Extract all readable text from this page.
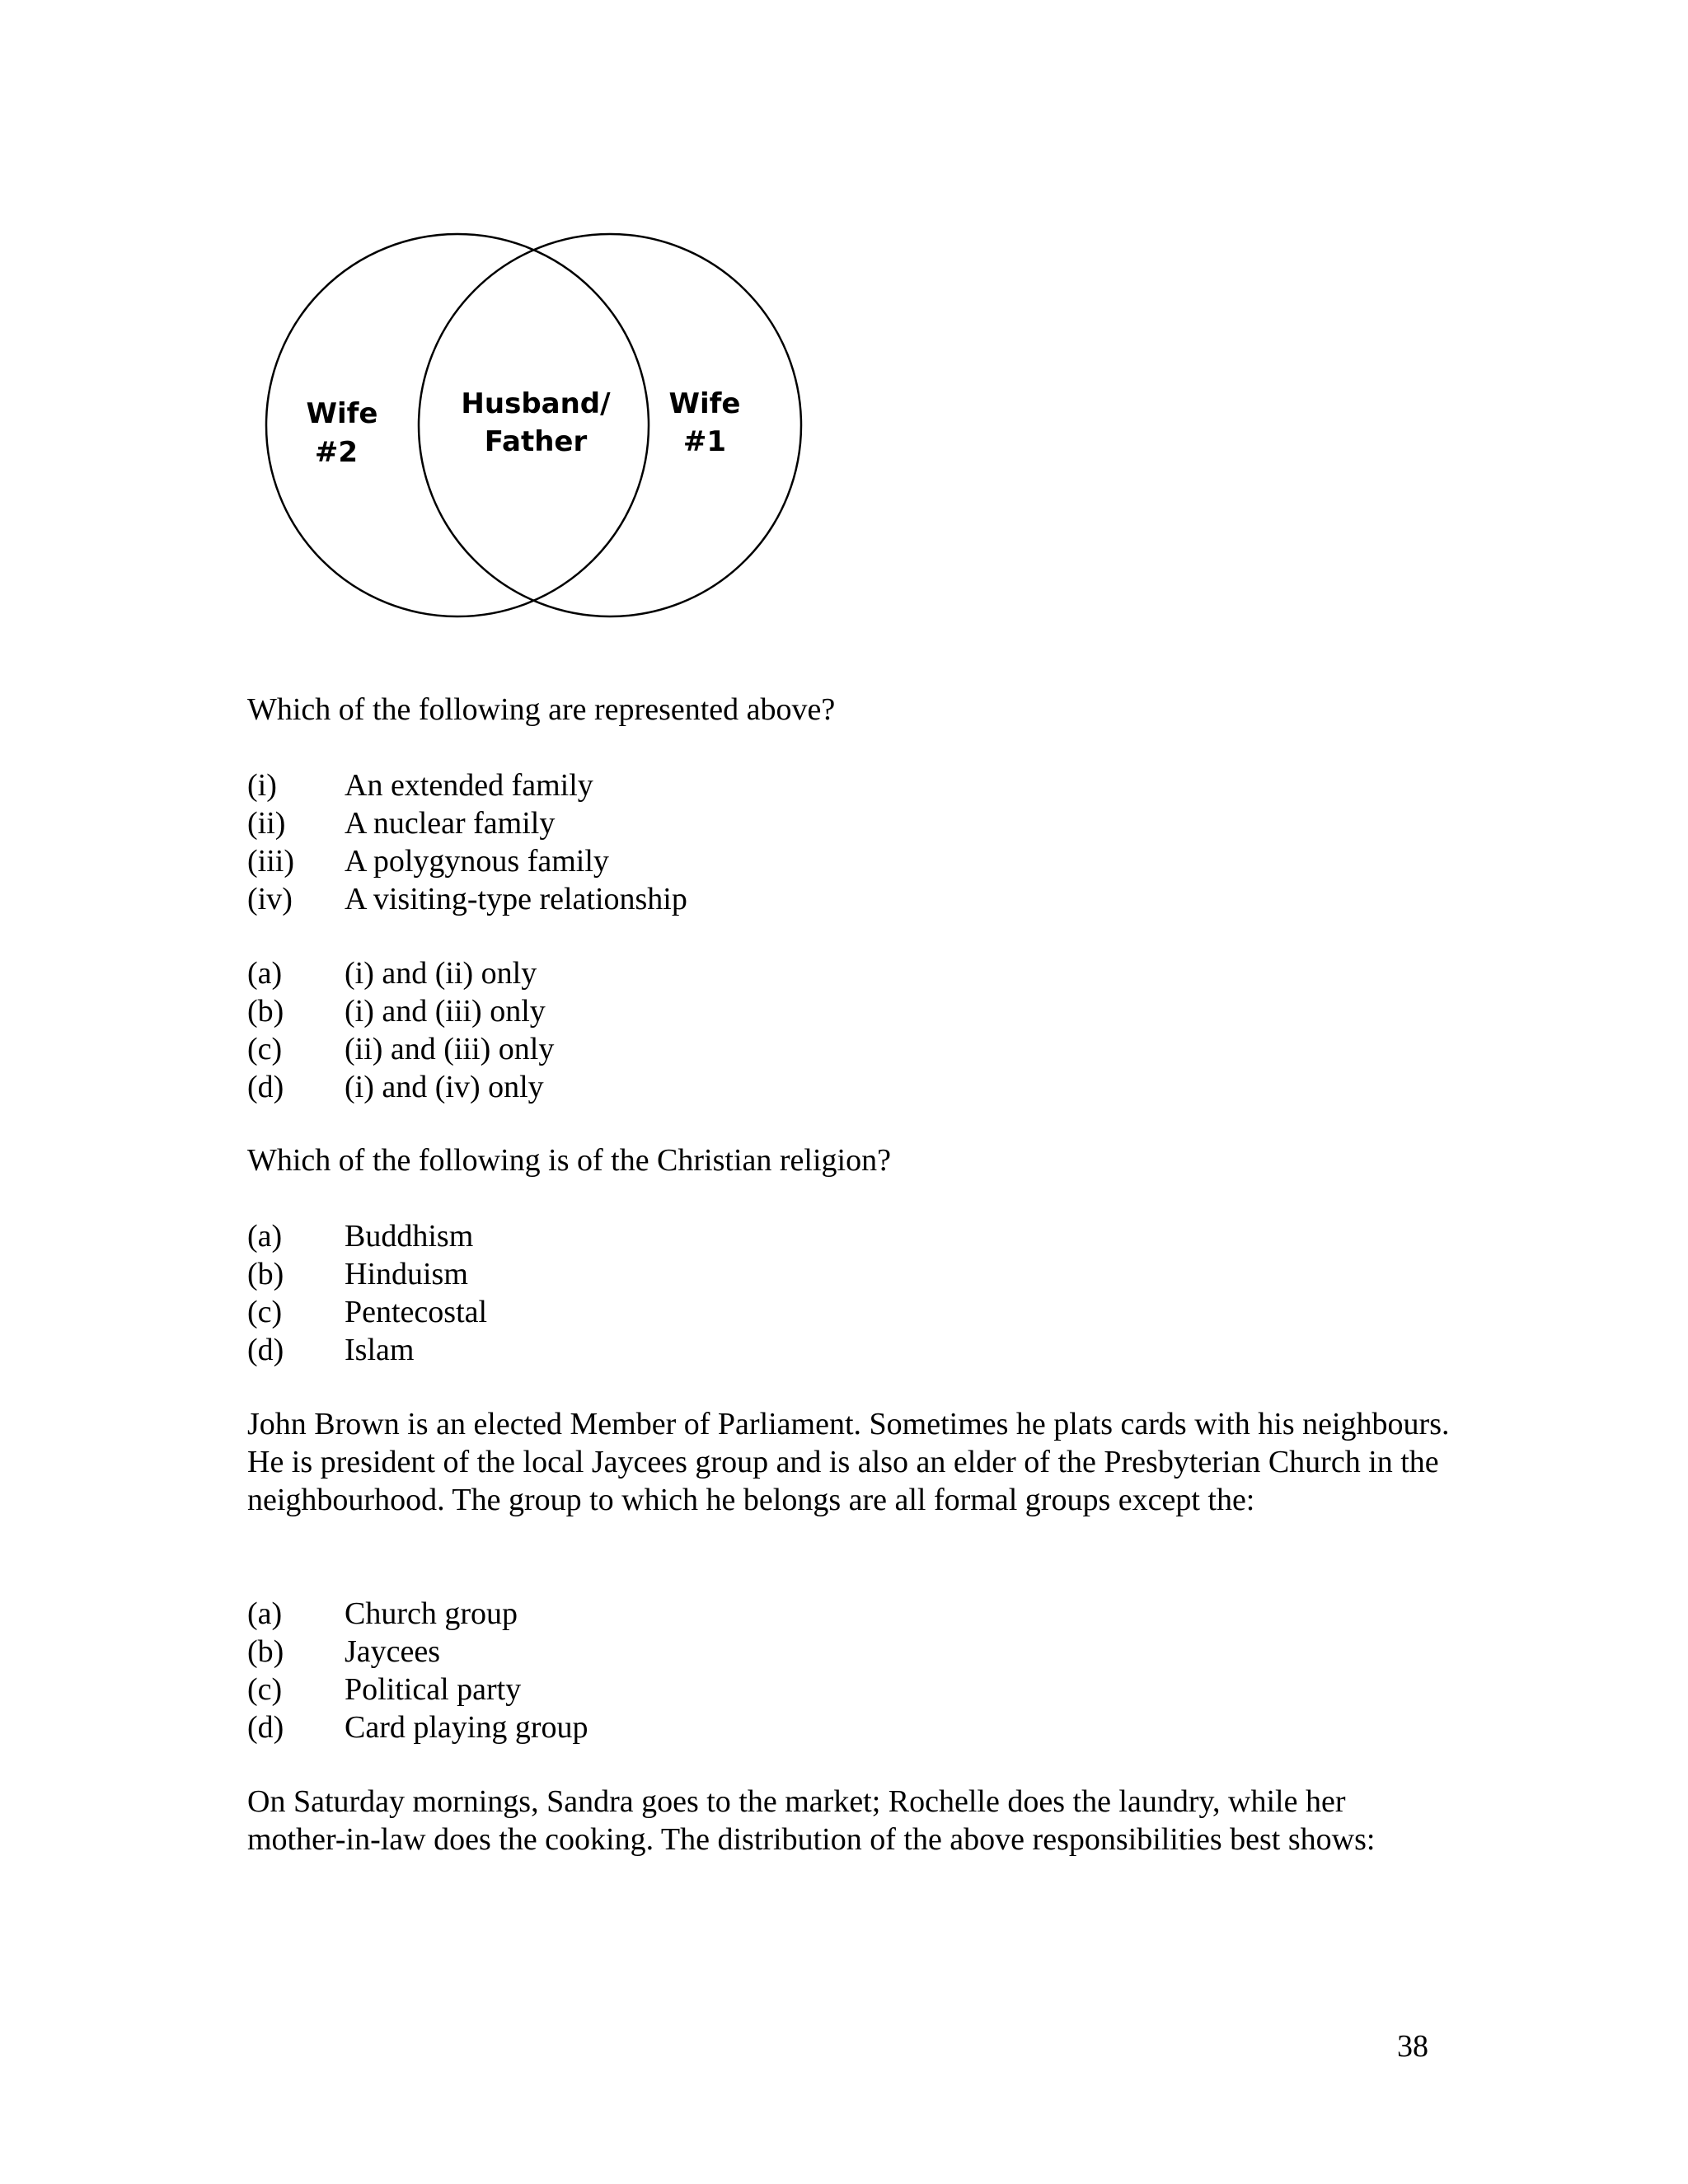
Wife
#2
Husband/
Father
Wife
#1
Which of the following are represented above?
(i)	An extended family
(ii)	A nuclear family
(iii)	A polygynous family
(iv)	A visiting-type relationship
(a)	(i) and (ii) only
(b)	(i) and (iii) only
(c)	(ii) and (iii) only
(d)	(i) and (iv) only
Which of the following is of the Christian religion?
(a)	Buddhism
(b)	Hinduism
(c)	Pentecostal
(d)	Islam
John Brown is an elected Member of Parliament. Sometimes he plats cards with his neighbours. He is president of the local Jaycees group and is also an elder of the Presbyterian Church in the neighbourhood. The group to which he belongs are all formal groups except the:
(a)	Church group
(b)	Jaycees
(c)	Political party
(d)	Card playing group
On Saturday mornings, Sandra goes to the market; Rochelle does the laundry, while her mother-in-law does the cooking. The distribution of the above responsibilities best shows:
38
